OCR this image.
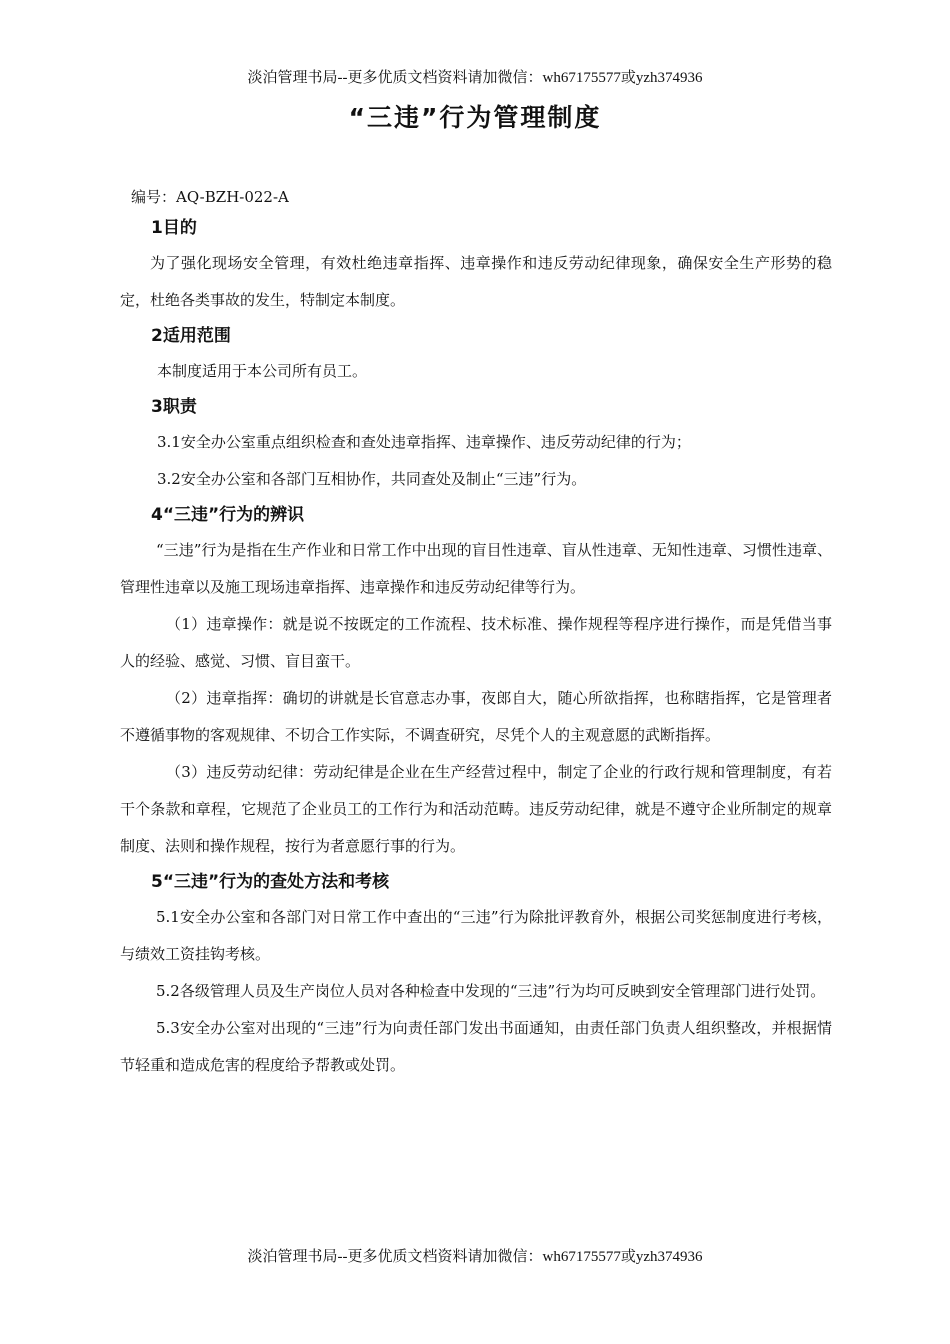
淡泊管理书局--更多优质文档资料请加微信：wh67175577或yzh374936
“三违”行为管理制度
编号：AQ-BZH-022-A
1目的

为了强化现场安全管理，有效杜绝违章指挥、违章操作和违反劳动纪律现象，确保安全生产形势的稳定，杜绝各类事故的发生，特制定本制度。

2适用范围

本制度适用于本公司所有员工。

3职责

3.1安全办公室重点组织检查和查处违章指挥、违章操作、违反劳动纪律的行为；

3.2安全办公室和各部门互相协作，共同查处及制止“三违”行为。

4“三违”行为的辨识

“三违”行为是指在生产作业和日常工作中出现的盲目性违章、盲从性违章、无知性违章、习惯性违章、管理性违章以及施工现场违章指挥、违章操作和违反劳动纪律等行为。

（1）违章操作：就是说不按既定的工作流程、技术标准、操作规程等程序进行操作，而是凭借当事人的经验、感觉、习惯、盲目蛮干。

（2）违章指挥：确切的讲就是长官意志办事，夜郎自大，随心所欲指挥，也称瞎指挥，它是管理者不遵循事物的客观规律、不切合工作实际，不调查研究，尽凭个人的主观意愿的武断指挥。

（3）违反劳动纪律：劳动纪律是企业在生产经营过程中，制定了企业的行政行规和管理制度，有若干个条款和章程，它规范了企业员工的工作行为和活动范畴。违反劳动纪律，就是不遵守企业所制定的规章制度、法则和操作规程，按行为者意愿行事的行为。

5“三违”行为的查处方法和考核

5.1安全办公室和各部门对日常工作中查出的“三违”行为除批评教育外，根据公司奖惩制度进行考核，与绩效工资挂钩考核。

5.2各级管理人员及生产岗位人员对各种检查中发现的“三违”行为均可反映到安全管理部门进行处罚。

5.3安全办公室对出现的“三违”行为向责任部门发出书面通知，由责任部门负责人组织整改，并根据情节轻重和造成危害的程度给予帮教或处罚。

淡泊管理书局--更多优质文档资料请加微信：wh67175577或yzh374936
